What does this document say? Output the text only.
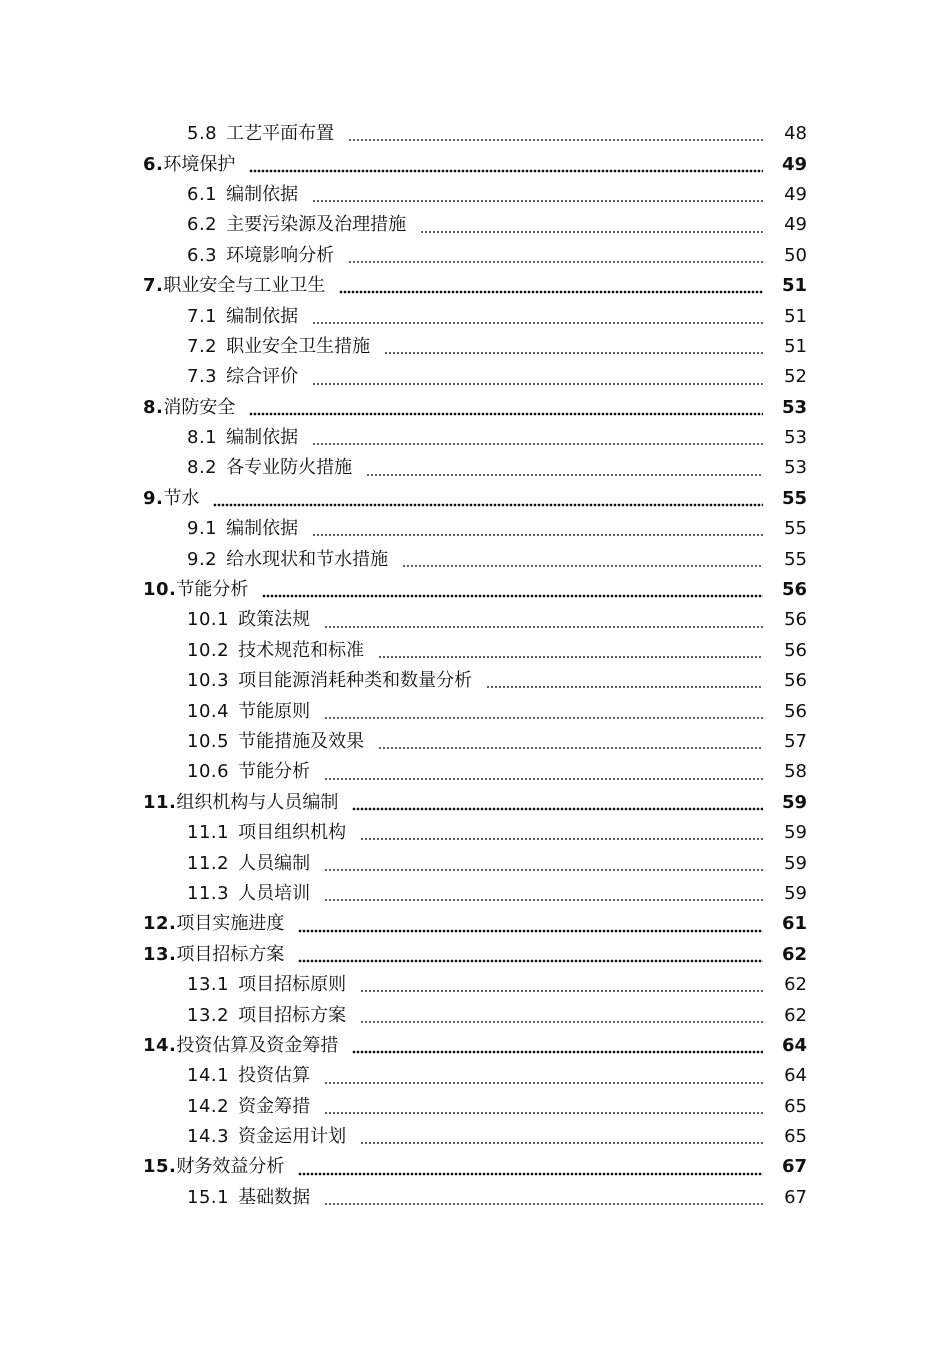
5.8 工艺平面布置	48
6.环境保护	49
6.1 编制依据	49
6.2 主要污染源及治理措施	49
6.3 环境影响分析	50
7.职业安全与工业卫生	51
7.1 编制依据	51
7.2 职业安全卫生措施	51
7.3 综合评价	52
8.消防安全	53
8.1 编制依据	53
8.2 各专业防火措施	53
9.节水	55
9.1 编制依据	55
9.2 给水现状和节水措施	55
10.节能分析	56
10.1 政策法规	56
10.2 技术规范和标准	56
10.3 项目能源消耗种类和数量分析	56
10.4 节能原则	56
10.5 节能措施及效果	57
10.6 节能分析	58
11.组织机构与人员编制	59
11.1 项目组织机构	59
11.2 人员编制	59
11.3 人员培训	59
12.项目实施进度	61
13.项目招标方案	62
13.1 项目招标原则	62
13.2 项目招标方案	62
14.投资估算及资金筹措	64
14.1 投资估算	64
14.2 资金筹措	65
14.3 资金运用计划	65
15.财务效益分析	67
15.1 基础数据	67
